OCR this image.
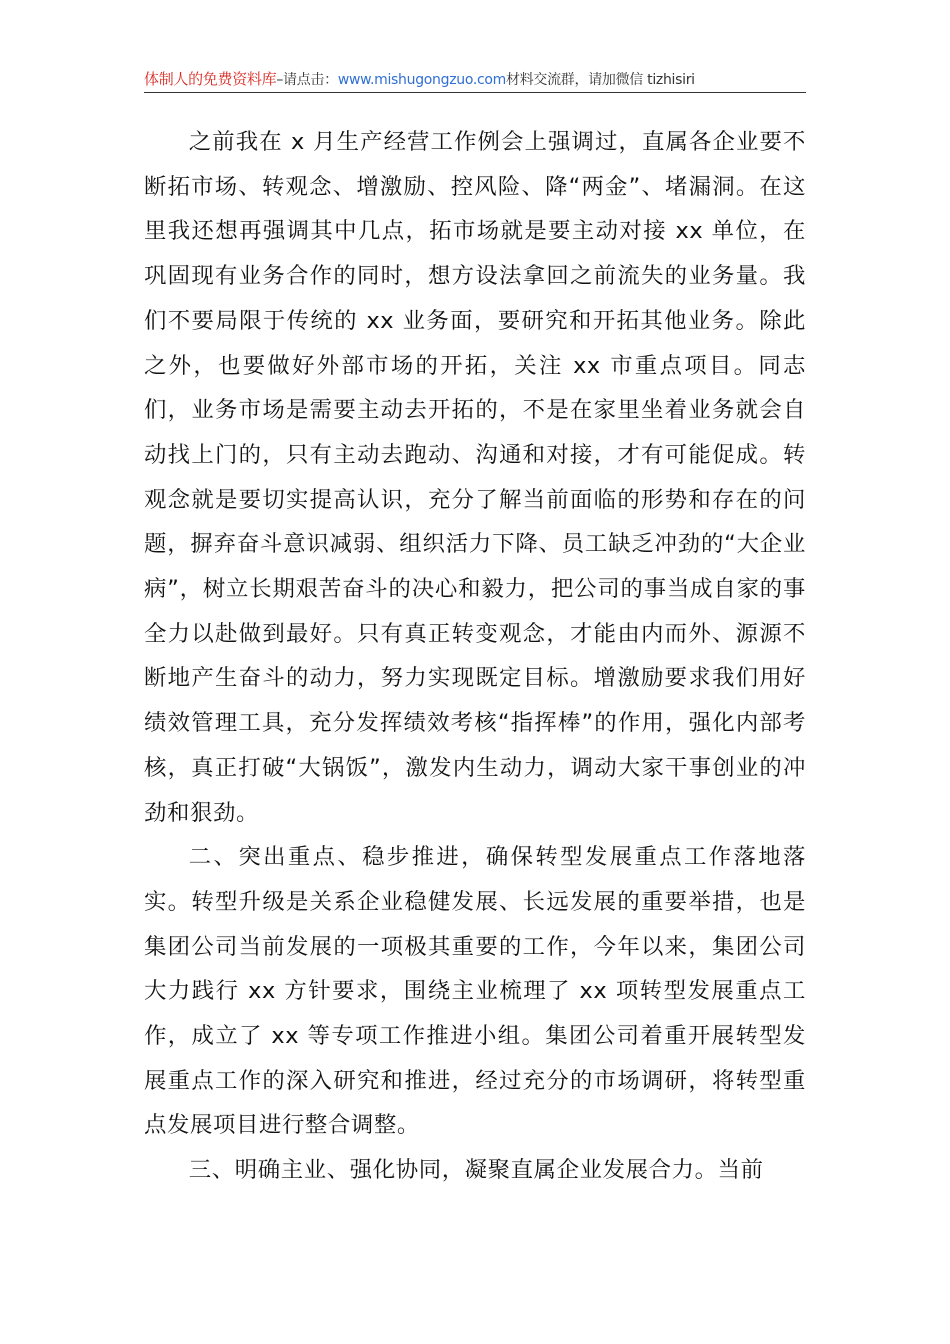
体制人的免费资料库–请点击：www.mishugongzuo.com材料交流群，请加微信 tizhisiri

之前我在 x 月生产经营工作例会上强调过，直属各企业要不断拓市场、转观念、增激励、控风险、降“两金”、堵漏洞。在这里我还想再强调其中几点，拓市场就是要主动对接 xx 单位，在巩固现有业务合作的同时，想方设法拿回之前流失的业务量。我们不要局限于传统的 xx 业务面，要研究和开拓其他业务。除此之外，也要做好外部市场的开拓，关注 xx 市重点项目。同志们，业务市场是需要主动去开拓的，不是在家里坐着业务就会自动找上门的，只有主动去跑动、沟通和对接，才有可能促成。转观念就是要切实提高认识，充分了解当前面临的形势和存在的问题，摒弃奋斗意识减弱、组织活力下降、员工缺乏冲劲的“大企业病”，树立长期艰苦奋斗的决心和毅力，把公司的事当成自家的事全力以赴做到最好。只有真正转变观念，才能由内而外、源源不断地产生奋斗的动力，努力实现既定目标。增激励要求我们用好绩效管理工具，充分发挥绩效考核“指挥棒”的作用，强化内部考核，真正打破“大锅饭”，激发内生动力，调动大家干事创业的冲劲和狠劲。

二、突出重点、稳步推进，确保转型发展重点工作落地落实。转型升级是关系企业稳健发展、长远发展的重要举措，也是集团公司当前发展的一项极其重要的工作，今年以来，集团公司大力践行 xx 方针要求，围绕主业梳理了 xx 项转型发展重点工作，成立了 xx 等专项工作推进小组。集团公司着重开展转型发展重点工作的深入研究和推进，经过充分的市场调研，将转型重点发展项目进行整合调整。

三、明确主业、强化协同，凝聚直属企业发展合力。当前
